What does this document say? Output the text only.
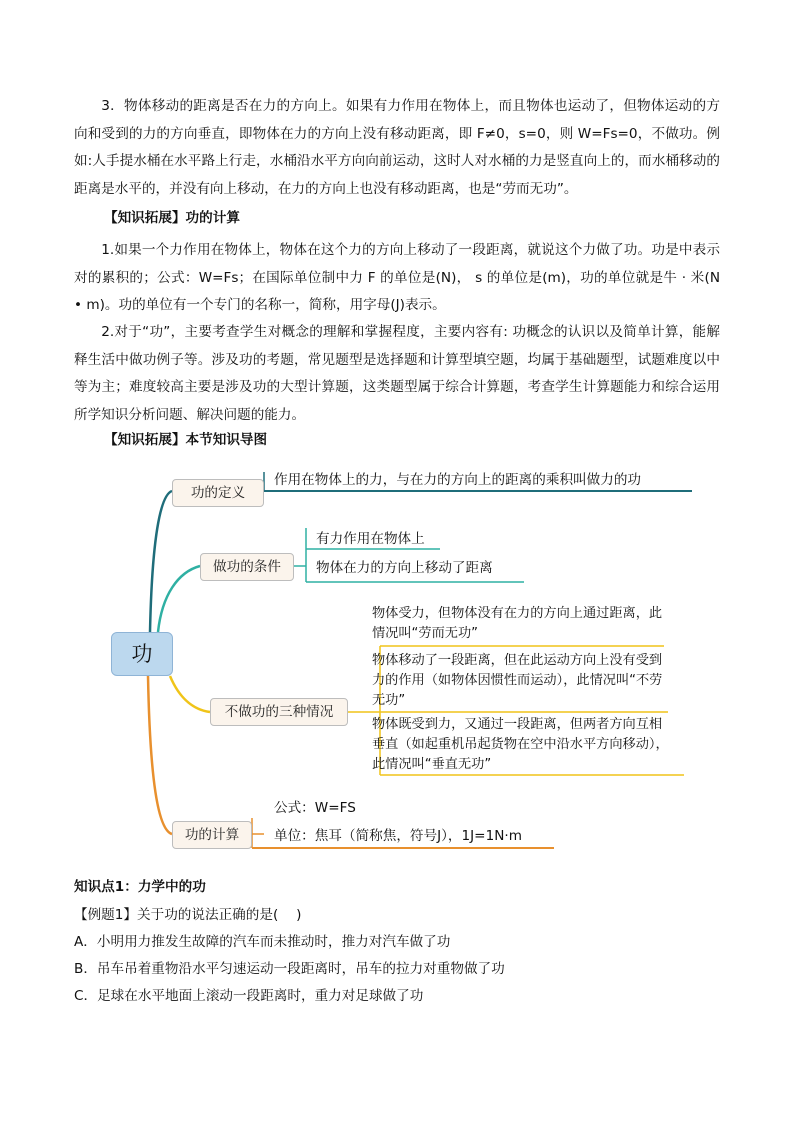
3．物体移动的距离是否在力的方向上。如果有力作用在物体上，而且物体也运动了，但物体运动的方向和受到的力的方向垂直，即物体在力的方向上没有移动距离，即 F≠0，s=0，则 W=Fs=0，不做功。例如:人手提水桶在水平路上行走，水桶沿水平方向向前运动，这时人对水桶的力是竖直向上的，而水桶移动的距离是水平的，并没有向上移动，在力的方向上也没有移动距离，也是“劳而无功”。

【知识拓展】功的计算

1.如果一个力作用在物体上，物体在这个力的方向上移动了一段距离，就说这个力做了功。功是中表示对的累积的；公式：W=Fs；在国际单位制中力 F 的单位是(N)， s 的单位是(m)，功的单位就是牛 · 米(N • m)。功的单位有一个专门的名称一，简称，用字母(J)表示。

2.对于“功”，主要考查学生对概念的理解和掌握程度，主要内容有: 功概念的认识以及简单计算，能解释生活中做功例子等。涉及功的考题，常见题型是选择题和计算型填空题，均属于基础题型，试题难度以中等为主；难度较高主要是涉及功的大型计算题，这类题型属于综合计算题，考查学生计算题能力和综合运用所学知识分析问题、解决问题的能力。

【知识拓展】本节知识导图

功
功的定义
作用在物体上的力，与在力的方向上的距离的乘积叫做力的功
做功的条件
有力作用在物体上
物体在力的方向上移动了距离
不做功的三种情况
物体受力，但物体没有在力的方向上通过距离，此情况叫“劳而无功”
物体移动了一段距离，但在此运动方向上没有受到力的作用（如物体因惯性而运动），此情况叫“不劳无功”
物体既受到力，又通过一段距离，但两者方向互相垂直（如起重机吊起货物在空中沿水平方向移动），此情况叫“垂直无功”
功的计算
公式：W=FS
单位：焦耳（简称焦，符号J），1J=1N·m
知识点1：力学中的功
【例题1】关于功的说法正确的是(　 )
A．小明用力推发生故障的汽车而未推动时，推力对汽车做了功
B．吊车吊着重物沿水平匀速运动一段距离时，吊车的拉力对重物做了功
C．足球在水平地面上滚动一段距离时，重力对足球做了功
